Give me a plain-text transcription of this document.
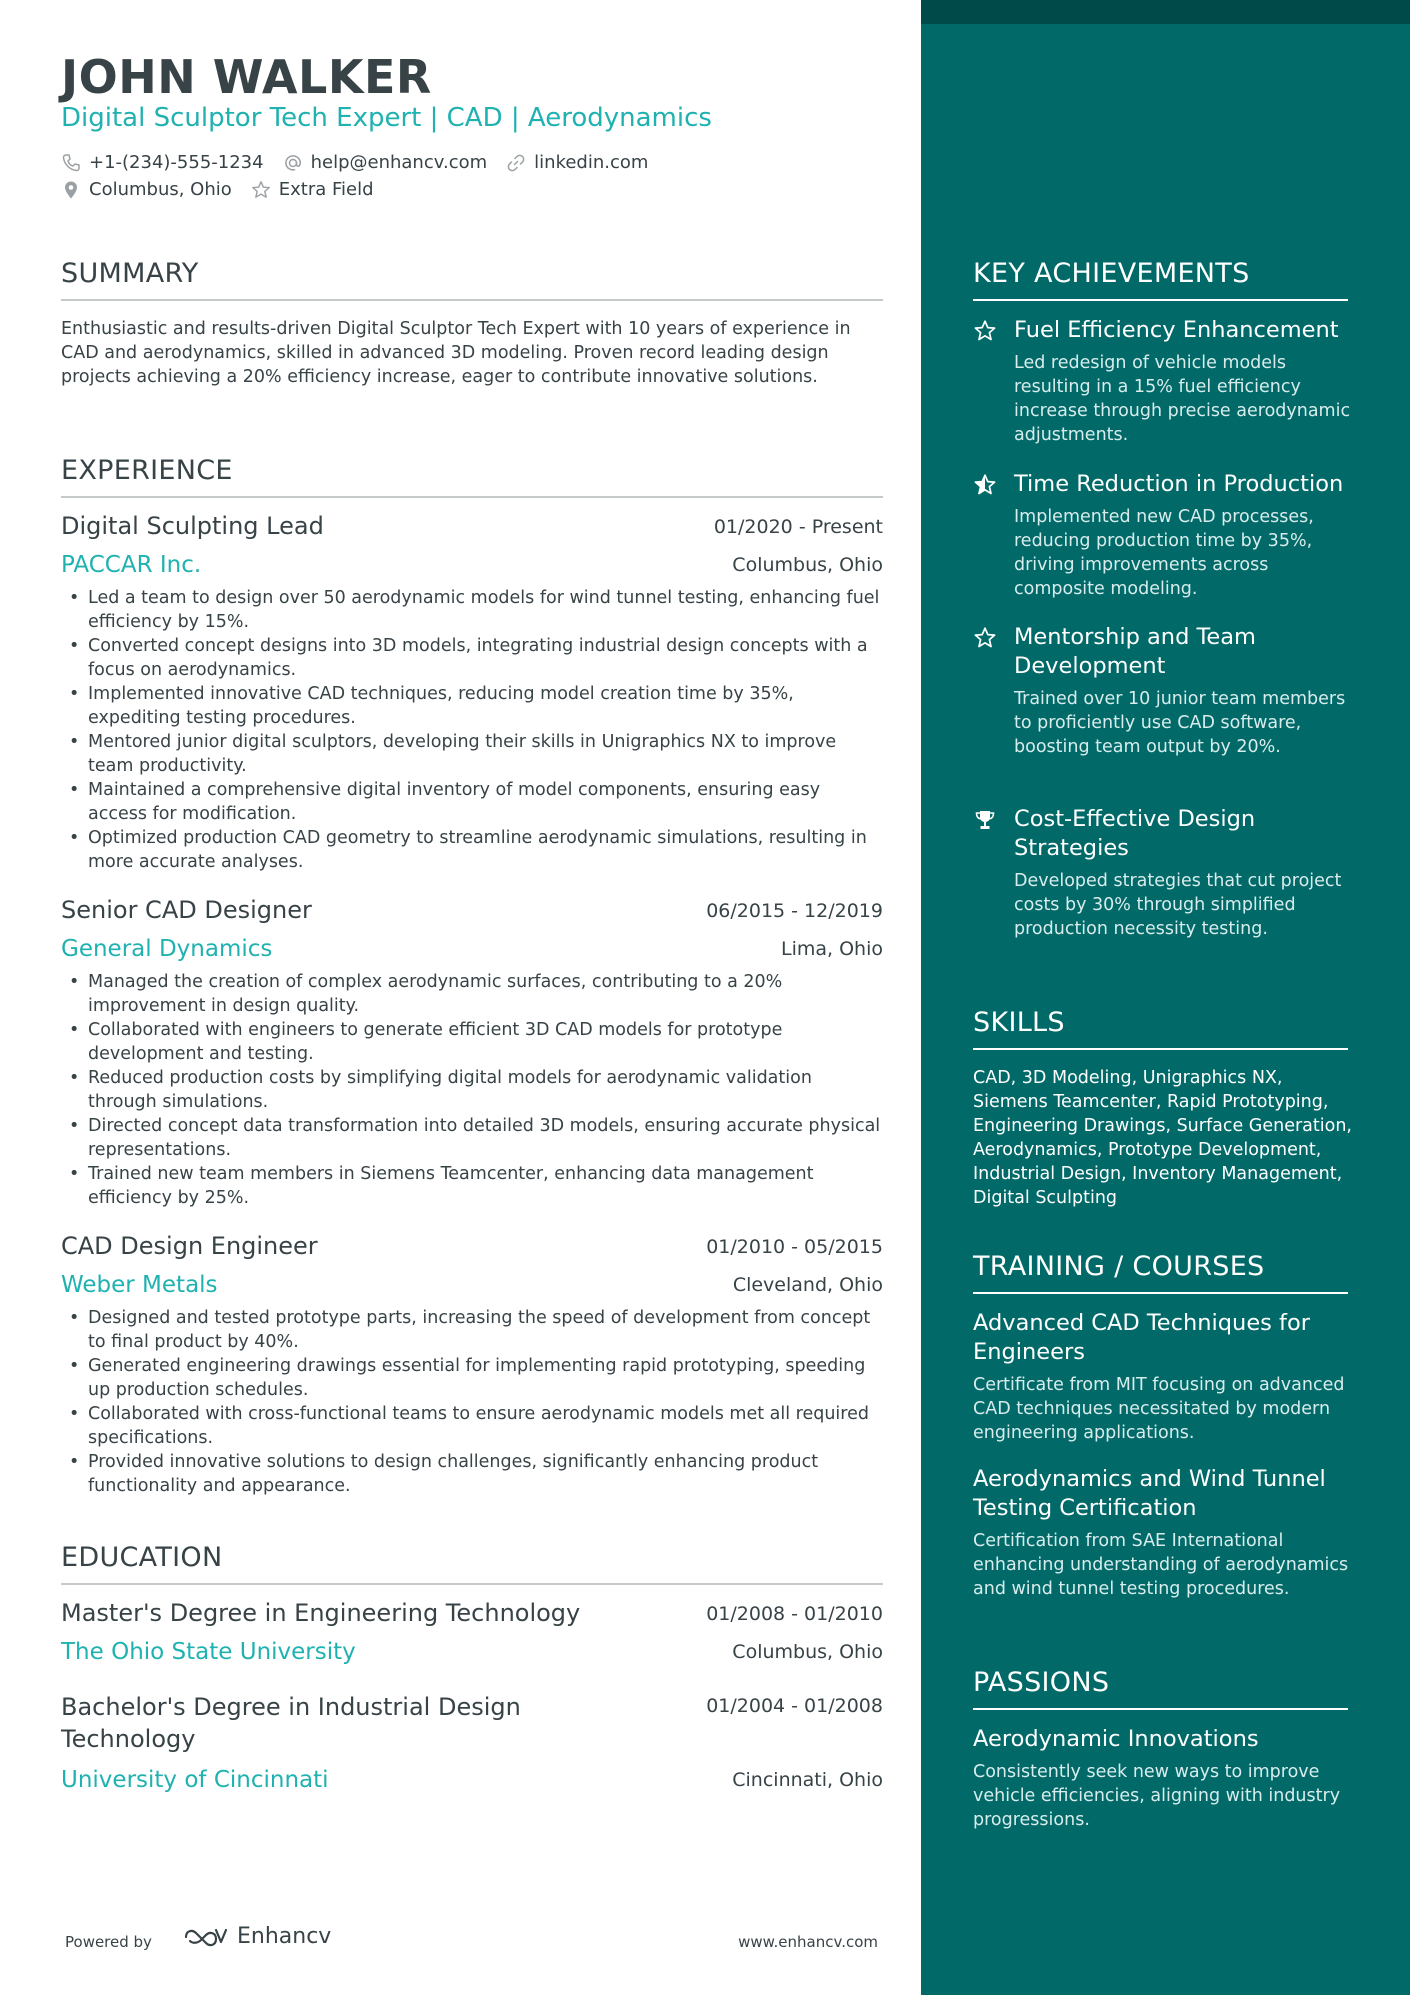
JOHN WALKER
Digital Sculptor Tech Expert | CAD | Aerodynamics
+1-(234)-555-1234	help@enhancv.com	linkedin.com
Columbus, Ohio	Extra Field
SUMMARY
Enthusiastic and results-driven Digital Sculptor Tech Expert with 10 years of experience in CAD and aerodynamics, skilled in advanced 3D modeling. Proven record leading design projects achieving a 20% efficiency increase, eager to contribute innovative solutions.
EXPERIENCE
Digital Sculpting Lead	01/2020 - Present
PACCAR Inc.	Columbus, Ohio
• Led a team to design over 50 aerodynamic models for wind tunnel testing, enhancing fuel efficiency by 15%.
• Converted concept designs into 3D models, integrating industrial design concepts with a focus on aerodynamics.
• Implemented innovative CAD techniques, reducing model creation time by 35%, expediting testing procedures.
• Mentored junior digital sculptors, developing their skills in Unigraphics NX to improve team productivity.
• Maintained a comprehensive digital inventory of model components, ensuring easy access for modification.
• Optimized production CAD geometry to streamline aerodynamic simulations, resulting in more accurate analyses.
Senior CAD Designer	06/2015 - 12/2019
General Dynamics	Lima, Ohio
• Managed the creation of complex aerodynamic surfaces, contributing to a 20% improvement in design quality.
• Collaborated with engineers to generate efficient 3D CAD models for prototype development and testing.
• Reduced production costs by simplifying digital models for aerodynamic validation through simulations.
• Directed concept data transformation into detailed 3D models, ensuring accurate physical representations.
• Trained new team members in Siemens Teamcenter, enhancing data management efficiency by 25%.
CAD Design Engineer	01/2010 - 05/2015
Weber Metals	Cleveland, Ohio
• Designed and tested prototype parts, increasing the speed of development from concept to final product by 40%.
• Generated engineering drawings essential for implementing rapid prototyping, speeding up production schedules.
• Collaborated with cross-functional teams to ensure aerodynamic models met all required specifications.
• Provided innovative solutions to design challenges, significantly enhancing product functionality and appearance.
EDUCATION
Master's Degree in Engineering Technology	01/2008 - 01/2010
The Ohio State University	Columbus, Ohio
Bachelor's Degree in Industrial Design Technology
01/2004 - 01/2008
University of Cincinnati	Cincinnati, Ohio
Powered by	Enhancv	www.enhancv.com
KEY ACHIEVEMENTS
Fuel Efficiency Enhancement
Led redesign of vehicle models resulting in a 15% fuel efficiency increase through precise aerodynamic adjustments.
Time Reduction in Production
Implemented new CAD processes, reducing production time by 35%, driving improvements across composite modeling.
Mentorship and Team Development
Trained over 10 junior team members to proficiently use CAD software, boosting team output by 20%.
Cost-Effective Design Strategies
Developed strategies that cut project costs by 30% through simplified production necessity testing.
SKILLS
CAD, 3D Modeling, Unigraphics NX, Siemens Teamcenter, Rapid Prototyping, Engineering Drawings, Surface Generation, Aerodynamics, Prototype Development, Industrial Design, Inventory Management, Digital Sculpting
TRAINING / COURSES
Advanced CAD Techniques for Engineers
Certificate from MIT focusing on advanced CAD techniques necessitated by modern engineering applications.
Aerodynamics and Wind Tunnel Testing Certification
Certification from SAE International enhancing understanding of aerodynamics and wind tunnel testing procedures.
PASSIONS
Aerodynamic Innovations
Consistently seek new ways to improve vehicle efficiencies, aligning with industry progressions.
